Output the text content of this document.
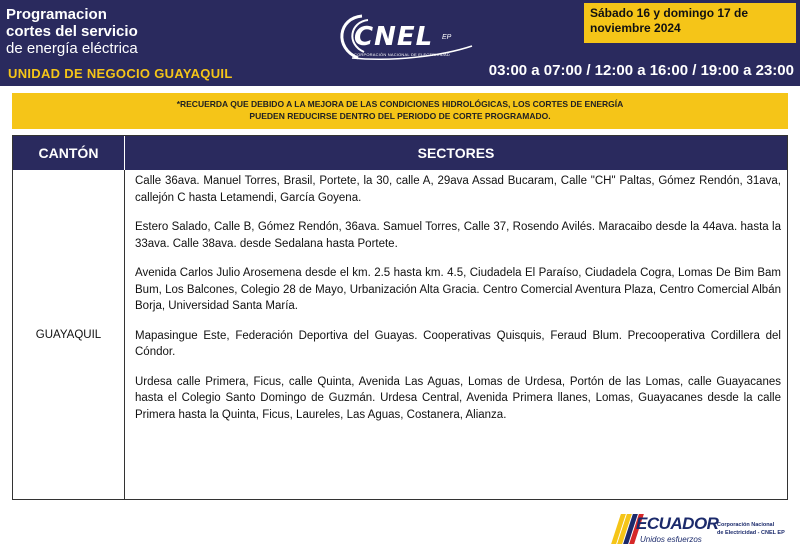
Programacion
cortes del servicio
de energía eléctrica
UNIDAD DE NEGOCIO GUAYAQUIL
CNEL EP
CORPORACIÓN NACIONAL DE ELECTRICIDAD
Sábado 16 y domingo 17 de
noviembre 2024
03:00 a 07:00 / 12:00 a 16:00 / 19:00 a 23:00
*RECUERDA QUE DEBIDO A LA MEJORA DE LAS CONDICIONES HIDROLÓGICAS, LOS CORTES DE ENERGÍA
PUEDEN REDUCIRSE DENTRO DEL PERIODO DE CORTE PROGRAMADO.
CANTÓN	SECTORES
GUAYAQUIL

Calle 36ava. Manuel Torres, Brasil, Portete, la 30, calle A, 29ava Assad Bucaram, Calle "CH" Paltas, Gómez Rendón, 31ava, callejón C hasta Letamendi, García Goyena.

Estero Salado, Calle B, Gómez Rendón, 36ava. Samuel Torres, Calle 37, Rosendo Avilés. Maracaibo desde la 44ava. hasta la 33ava. Calle 38ava. desde Sedalana hasta Portete.

Avenida Carlos Julio Arosemena desde el km. 2.5 hasta km. 4.5, Ciudadela El Paraíso, Ciudadela Cogra, Lomas De Bim Bam Bum, Los Balcones, Colegio 28 de Mayo, Urbanización Alta Gracia. Centro Comercial Aventura Plaza, Centro Comercial Albán Borja, Universidad Santa María.

Mapasingue Este, Federación Deportiva del Guayas. Cooperativas Quisquis, Feraud Blum. Precooperativa Cordillera del Cóndor.

Urdesa calle Primera, Ficus, calle Quinta, Avenida Las Aguas, Lomas de Urdesa, Portón de las Lomas, calle Guayacanes hasta el Colegio Santo Domingo de Guzmán. Urdesa Central, Avenida Primera llanes, Lomas, Guayacanes desde la calle Primera hasta la Quinta, Ficus, Laureles, Las Aguas, Costanera, Alianza.

ECUADOR
Unidos esfuerzos
Corporación Nacional
de Electricidad - CNEL EP
